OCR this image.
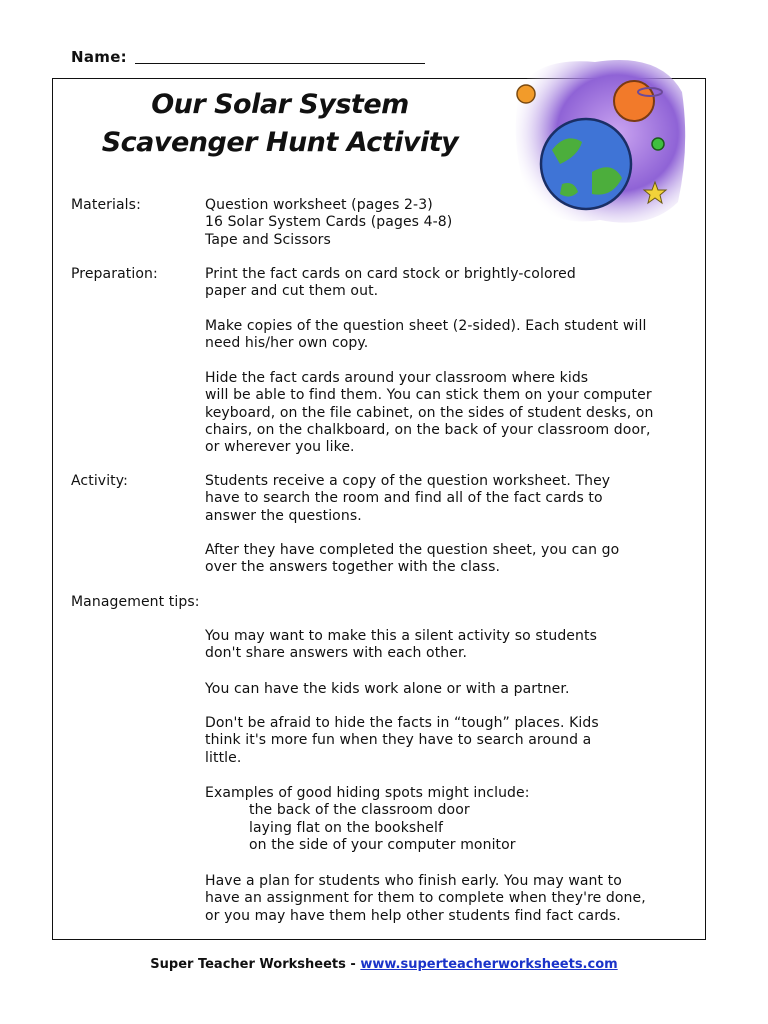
Name:
Our Solar System
Scavenger Hunt Activity
Materials:	Question worksheet (pages 2-3)
16 Solar System Cards (pages 4-8)
Tape and Scissors
Preparation:	Print the fact cards on card stock or brightly-colored
paper and cut them out.
Make copies of the question sheet (2-sided). Each student will
need his/her own copy.
Hide the fact cards around your classroom where kids
will be able to find them. You can stick them on your computer
keyboard, on the file cabinet, on the sides of student desks, on
chairs, on the chalkboard, on the back of your classroom door,
or wherever you like.
Activity:	Students receive a copy of the question worksheet. They
have to search the room and find all of the fact cards to
answer the questions.
After they have completed the question sheet, you can go
over the answers together with the class.
Management tips:
You may want to make this a silent activity so students
don't share answers with each other.
You can have the kids work alone or with a partner.
Don't be afraid to hide the facts in “tough” places. Kids
think it's more fun when they have to search around a
little.
Examples of good hiding spots might include:
the back of the classroom door
laying flat on the bookshelf
on the side of your computer monitor
Have a plan for students who finish early. You may want to
have an assignment for them to complete when they're done,
or you may have them help other students find fact cards.
Super Teacher Worksheets - www.superteacherworksheets.com
